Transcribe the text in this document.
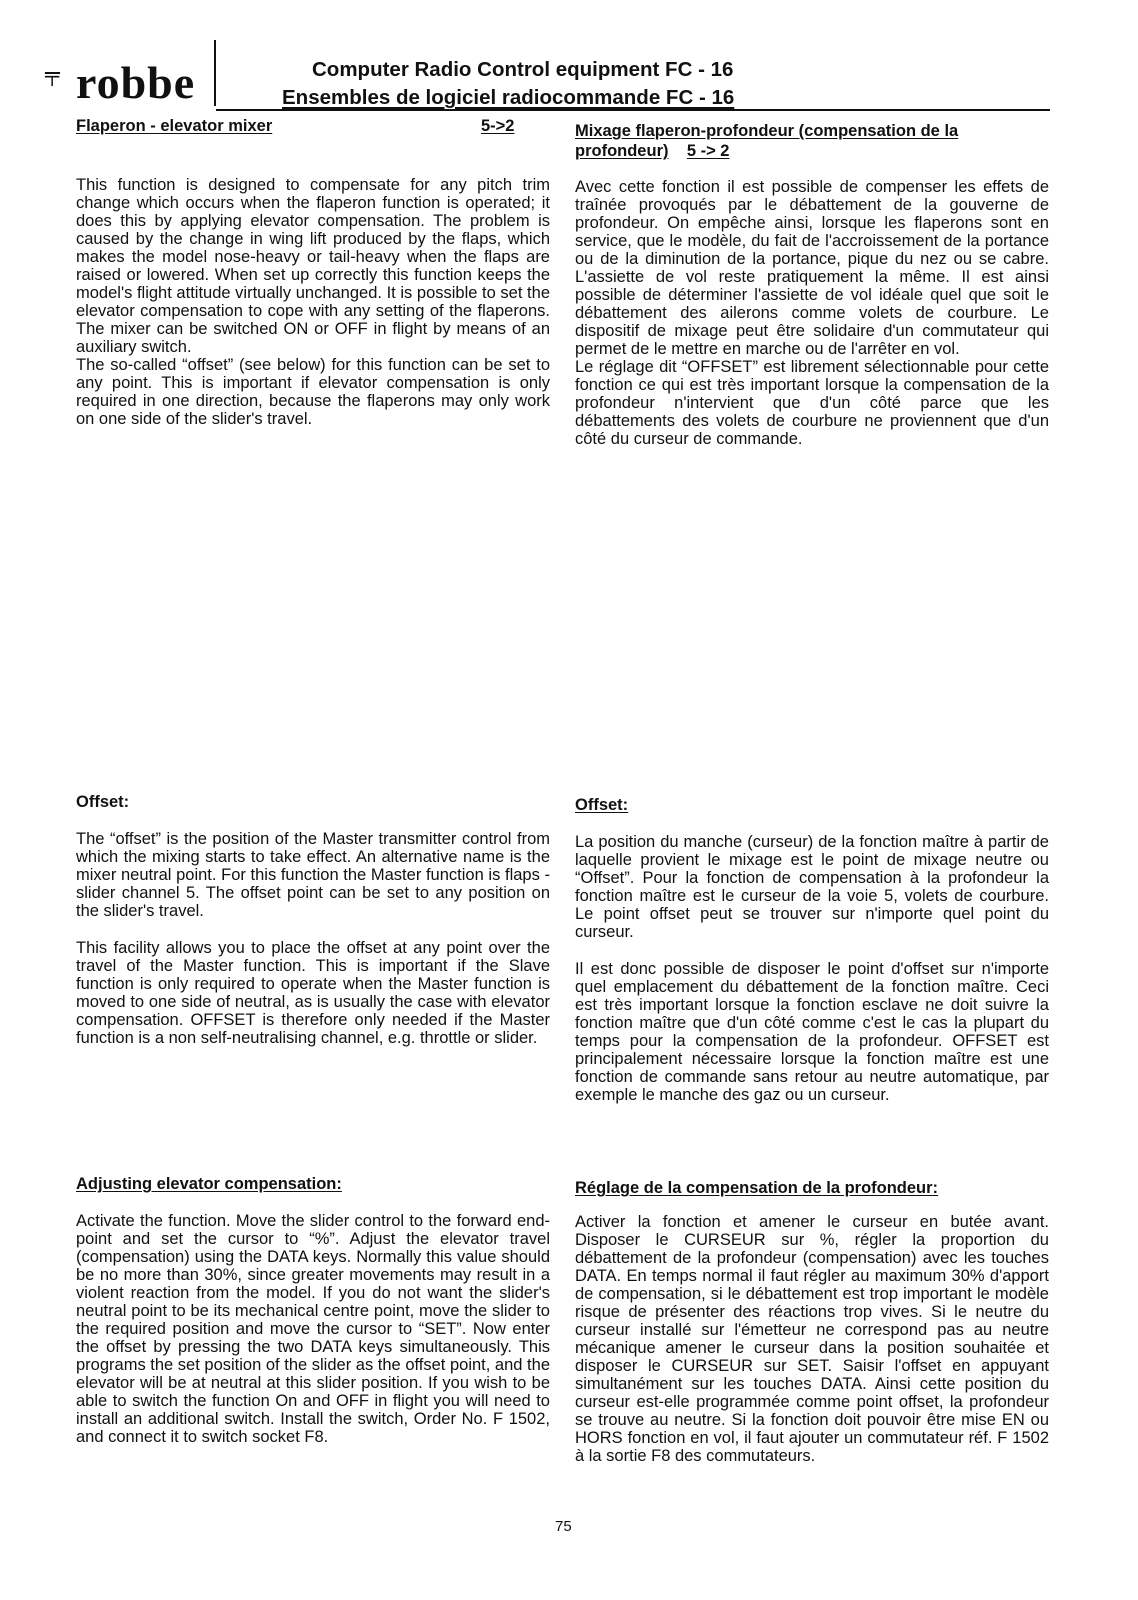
⫧ robbe	Computer Radio Control equipment FC - 16
Ensembles de logiciel radiocommande FC - 16
Flaperon - elevator mixer	5->2	Mixage flaperon-profondeur (compensation de la profondeur) 5 -> 2

This function is designed to compensate for any pitch trim change which occurs when the flaperon function is operated; it does this by applying elevator compensation. The problem is caused by the change in wing lift produced by the flaps, which makes the model nose-heavy or tail-heavy when the flaps are raised or lowered. When set up correctly this function keeps the model's flight attitude virtually unchanged. It is possible to set the elevator compensation to cope with any setting of the flaperons. The mixer can be switched ON or OFF in flight by means of an auxiliary switch.

The so-called “offset” (see below) for this function can be set to any point. This is important if elevator compensation is only required in one direction, because the flaperons may only work on one side of the slider's travel.

Avec cette fonction il est possible de compenser les effets de traînée provoqués par le débattement de la gouverne de profondeur. On empêche ainsi, lorsque les flaperons sont en service, que le modèle, du fait de l'accroissement de la portance ou de la diminution de la portance, pique du nez ou se cabre. L'assiette de vol reste pratiquement la même. Il est ainsi possible de déterminer l'assiette de vol idéale quel que soit le débattement des ailerons comme volets de courbure. Le dispositif de mixage peut être solidaire d'un commutateur qui permet de le mettre en marche ou de l'arrêter en vol.

Le réglage dit “OFFSET” est librement sélectionnable pour cette fonction ce qui est très important lorsque la compensation de la profondeur n'intervient que d'un côté parce que les débattements des volets de courbure ne proviennent que d'un côté du curseur de commande.

Offset:	Offset:

The “offset” is the position of the Master transmitter control from which the mixing starts to take effect. An alternative name is the mixer neutral point. For this function the Master function is flaps - slider channel 5. The offset point can be set to any position on the slider's travel.

This facility allows you to place the offset at any point over the travel of the Master function. This is important if the Slave function is only required to operate when the Master function is moved to one side of neutral, as is usually the case with elevator compensation. OFFSET is therefore only needed if the Master function is a non self-neutralising channel, e.g. throttle or slider.

La position du manche (curseur) de la fonction maître à partir de laquelle provient le mixage est le point de mixage neutre ou “Offset”. Pour la fonction de compensation à la profondeur la fonction maître est le curseur de la voie 5, volets de courbure. Le point offset peut se trouver sur n'importe quel point du curseur.

Il est donc possible de disposer le point d'offset sur n'importe quel emplacement du débattement de la fonction maître. Ceci est très important lorsque la fonction esclave ne doit suivre la fonction maître que d'un côté comme c'est le cas la plupart du temps pour la compensation de la profondeur. OFFSET est principalement nécessaire lorsque la fonction maître est une fonction de commande sans retour au neutre automatique, par exemple le manche des gaz ou un curseur.

Adjusting elevator compensation:	Réglage de la compensation de la profondeur:

Activate the function. Move the slider control to the forward end-point and set the cursor to “%”. Adjust the elevator travel (compensation) using the DATA keys. Normally this value should be no more than 30%, since greater movements may result in a violent reaction from the model. If you do not want the slider's neutral point to be its mechanical centre point, move the slider to the required position and move the cursor to “SET”. Now enter the offset by pressing the two DATA keys simultaneously. This programs the set position of the slider as the offset point, and the elevator will be at neutral at this slider position. If you wish to be able to switch the function On and OFF in flight you will need to install an additional switch. Install the switch, Order No. F 1502, and connect it to switch socket F8.

Activer la fonction et amener le curseur en butée avant. Disposer le CURSEUR sur %, régler la proportion du débattement de la profondeur (compensation) avec les touches DATA. En temps normal il faut régler au maximum 30% d'apport de compensation, si le débattement est trop important le modèle risque de présenter des réactions trop vives. Si le neutre du curseur installé sur l'émetteur ne correspond pas au neutre mécanique amener le curseur dans la position souhaitée et disposer le CURSEUR sur SET. Saisir l'offset en appuyant simultanément sur les touches DATA. Ainsi cette position du curseur est-elle programmée comme point offset, la profondeur se trouve au neutre. Si la fonction doit pouvoir être mise EN ou HORS fonction en vol, il faut ajouter un commutateur réf. F 1502 à la sortie F8 des commutateurs.

75
